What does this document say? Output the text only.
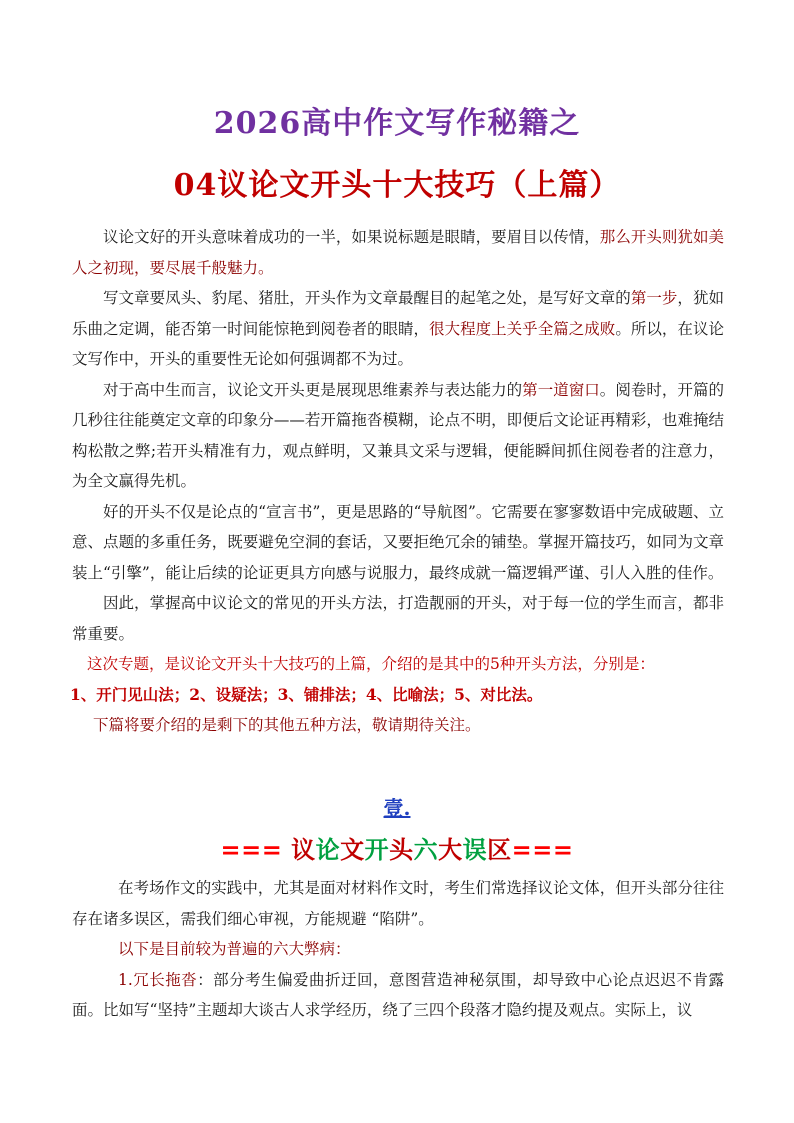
2026高中作文写作秘籍之
04议论文开头十大技巧（上篇）

议论文好的开头意味着成功的一半，如果说标题是眼睛，要眉目以传情，那么开头则犹如美人之初现，要尽展千般魅力。

写文章要凤头、豹尾、猪肚，开头作为文章最醒目的起笔之处，是写好文章的第一步，犹如乐曲之定调，能否第一时间能惊艳到阅卷者的眼睛，很大程度上关乎全篇之成败。所以，在议论文写作中，开头的重要性无论如何强调都不为过。

对于高中生而言，议论文开头更是展现思维素养与表达能力的第一道窗口。阅卷时，开篇的几秒往往能奠定文章的印象分——若开篇拖沓模糊，论点不明，即便后文论证再精彩，也难掩结构松散之弊;若开头精准有力，观点鲜明，又兼具文采与逻辑，便能瞬间抓住阅卷者的注意力，为全文赢得先机。

好的开头不仅是论点的“宣言书”，更是思路的“导航图”。它需要在寥寥数语中完成破题、立意、点题的多重任务，既要避免空洞的套话，又要拒绝冗余的铺垫。掌握开篇技巧，如同为文章装上“引擎”，能让后续的论证更具方向感与说服力，最终成就一篇逻辑严谨、引人入胜的佳作。

因此，掌握高中议论文的常见的开头方法，打造靓丽的开头，对于每一位的学生而言，都非常重要。

这次专题，是议论文开头十大技巧的上篇，介绍的是其中的5种开头方法，分别是：

1、开门见山法；2、设疑法；3、铺排法；4、比喻法；5、对比法。

下篇将要介绍的是剩下的其他五种方法，敬请期待关注。

壹.
=== 议论文开头六大误区===

在考场作文的实践中，尤其是面对材料作文时，考生们常选择议论文体，但开头部分往往存在诸多误区，需我们细心审视，方能规避 “陷阱”。

以下是目前较为普遍的六大弊病：

1.冗长拖沓：部分考生偏爱曲折迂回，意图营造神秘氛围，却导致中心论点迟迟不肯露面。比如写“坚持”主题却大谈古人求学经历，绕了三四个段落才隐约提及观点。实际上，议
